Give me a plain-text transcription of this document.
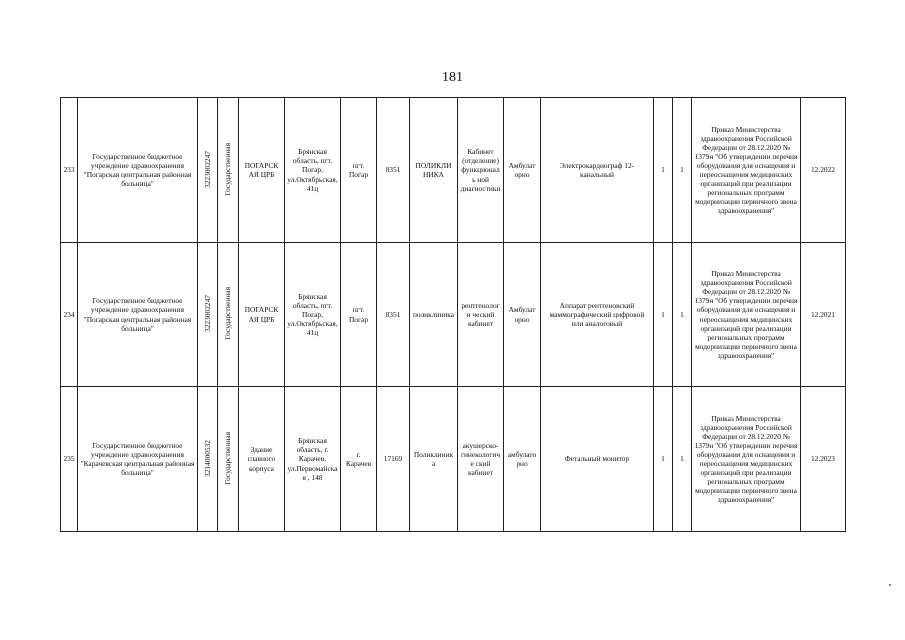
181
233	Государственное бюджетное учреждение здравоохранения "Погарская центральная районная больница"	3223002247	Государственная	ПОГАРСК АЯ ЦРБ	Брянская область, пгт. Погар, ул.Октябрьская, 41ц	пгт. Погар	8351	ПОЛИКЛИ НИКА	Кабинет (отделение) функциональ ной диагностики	Амбулат орно	Электрокардиограф 12-канальный	1	1	Приказ Министерства здравоохранения Российской Федерации от 28.12.2020 № 1379н "Об утверждении перечня оборудования для оснащения и переоснащения медицинских организаций при реализации региональных программ модернизации первичного звена здравоохранения"	12.2022
234	Государственное бюджетное учреждение здравоохранения "Погарская центральная районная больница"	3223002247	Государственная	ПОГАРСК АЯ ЦРБ	Брянская область, пгт. Погар, ул.Октябрьская, 41ц	пгт. Погар	8351	поликлиника	рентгенологи ческий кабинет	Амбулат орно	Аппарат рентгеновский маммографический цифровой или аналоговый	1	1	Приказ Министерства здравоохранения Российской Федерации от 28.12.2020 № 1379н "Об утверждении перечня оборудования для оснащения и переоснащения медицинских организаций при реализации региональных программ модернизации первичного звена здравоохранения"	12.2021
235	Государственное бюджетное учреждение здравоохранения "Карачевская центральная районная больница"	3214000532	Государственная	Здание главного корпуса	Брянская область, г. Карачев, ул.Первомайская , 148	г. Карачев	17169	Поликлиник а	акушерско-гинекологиче ский кабинет	амбулато рно	Фетальный монитор	1	1	Приказ Министерства здравоохранения Российской Федерации от 28.12.2020 № 1379н "Об утверждении перечня оборудования для оснащения и переоснащения медицинских организаций при реализации региональных программ модернизации первичного звена здравоохранения"	12.2023
